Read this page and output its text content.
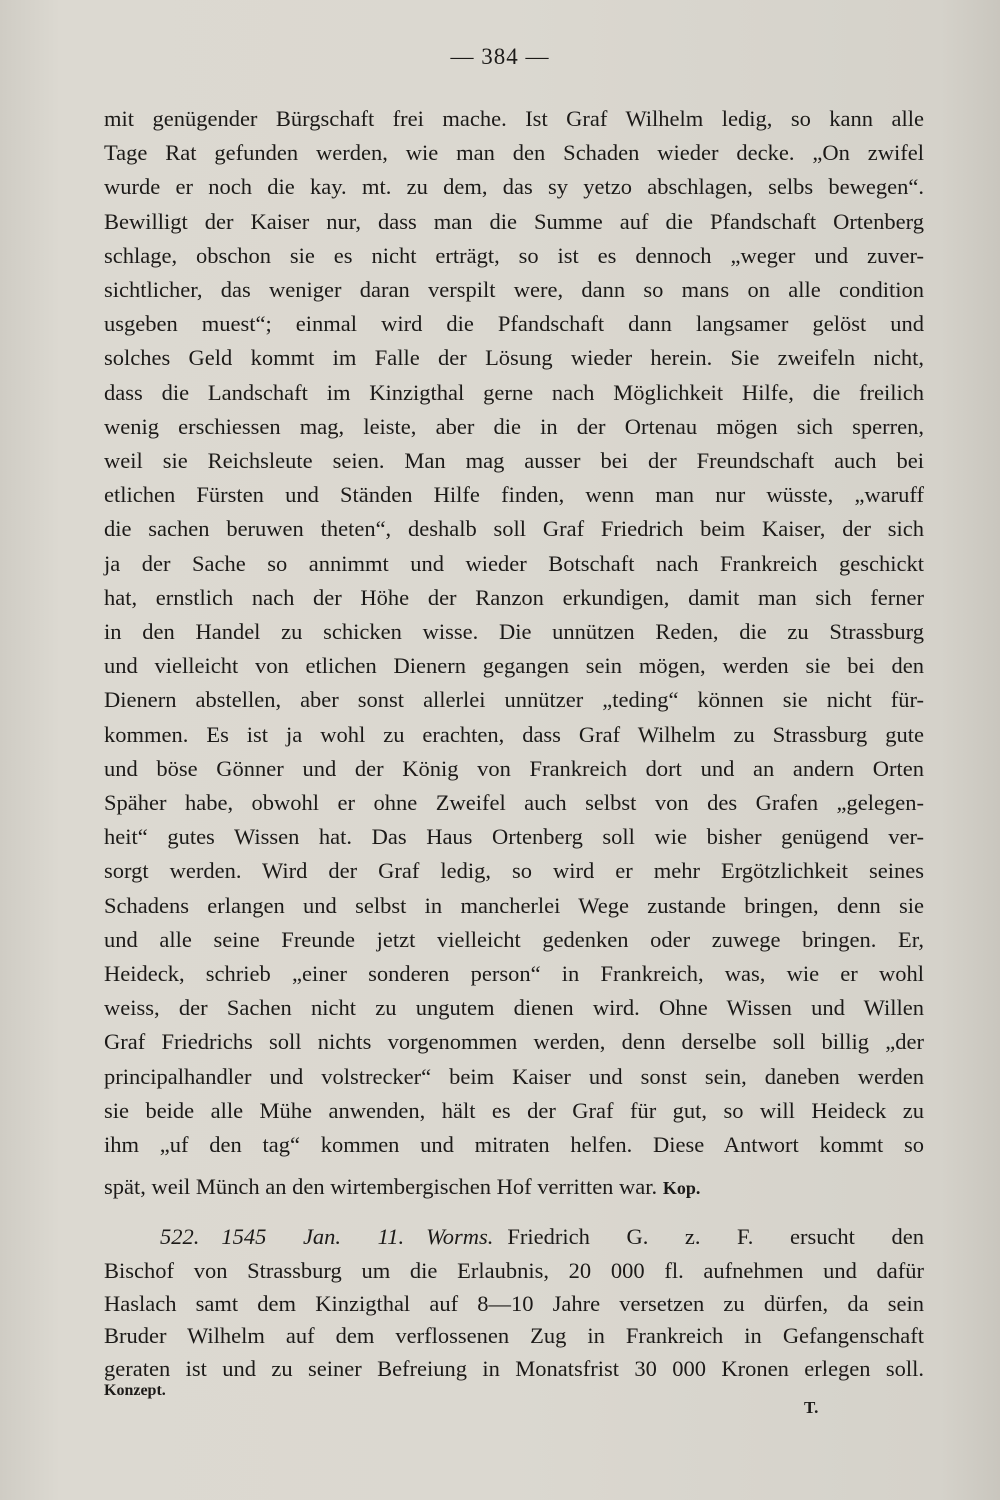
— 384 —
mit genügender Bürgschaft frei mache. Ist Graf Wilhelm ledig, so kann alle
Tage Rat gefunden werden, wie man den Schaden wieder decke. „On zwifel
wurde er noch die kay. mt. zu dem, das sy yetzo abschlagen, selbs bewegen“.
Bewilligt der Kaiser nur, dass man die Summe auf die Pfandschaft Ortenberg
schlage, obschon sie es nicht erträgt, so ist es dennoch „weger und zuver-
sichtlicher, das weniger daran verspilt were, dann so mans on alle condition
usgeben muest“; einmal wird die Pfandschaft dann langsamer gelöst und
solches Geld kommt im Falle der Lösung wieder herein. Sie zweifeln nicht,
dass die Landschaft im Kinzigthal gerne nach Möglichkeit Hilfe, die freilich
wenig erschiessen mag, leiste, aber die in der Ortenau mögen sich sperren,
weil sie Reichsleute seien. Man mag ausser bei der Freundschaft auch bei
etlichen Fürsten und Ständen Hilfe finden, wenn man nur wüsste, „waruff
die sachen beruwen theten“, deshalb soll Graf Friedrich beim Kaiser, der sich
ja der Sache so annimmt und wieder Botschaft nach Frankreich geschickt
hat, ernstlich nach der Höhe der Ranzon erkundigen, damit man sich ferner
in den Handel zu schicken wisse. Die unnützen Reden, die zu Strassburg
und vielleicht von etlichen Dienern gegangen sein mögen, werden sie bei den
Dienern abstellen, aber sonst allerlei unnützer „teding“ können sie nicht für-
kommen. Es ist ja wohl zu erachten, dass Graf Wilhelm zu Strassburg gute
und böse Gönner und der König von Frankreich dort und an andern Orten
Späher habe, obwohl er ohne Zweifel auch selbst von des Grafen „gelegen-
heit“ gutes Wissen hat. Das Haus Ortenberg soll wie bisher genügend ver-
sorgt werden. Wird der Graf ledig, so wird er mehr Ergötzlichkeit seines
Schadens erlangen und selbst in mancherlei Wege zustande bringen, denn sie
und alle seine Freunde jetzt vielleicht gedenken oder zuwege bringen. Er,
Heideck, schrieb „einer sonderen person“ in Frankreich, was, wie er wohl
weiss, der Sachen nicht zu ungutem dienen wird. Ohne Wissen und Willen
Graf Friedrichs soll nichts vorgenommen werden, denn derselbe soll billig „der
principalhandler und volstrecker“ beim Kaiser und sonst sein, daneben werden
sie beide alle Mühe anwenden, hält es der Graf für gut, so will Heideck zu
ihm „uf den tag“ kommen und mitraten helfen. Diese Antwort kommt so
spät, weil Münch an den wirtembergischen Hof verritten war. Kop.
522. 1545 Jan. 11. Worms. Friedrich G. z. F. ersucht den
Bischof von Strassburg um die Erlaubnis, 20 000 fl. aufnehmen und dafür
Haslach samt dem Kinzigthal auf 8—10 Jahre versetzen zu dürfen, da sein
Bruder Wilhelm auf dem verflossenen Zug in Frankreich in Gefangenschaft
geraten ist und zu seiner Befreiung in Monatsfrist 30 000 Kronen erlegen soll.
Konzept.
T.
